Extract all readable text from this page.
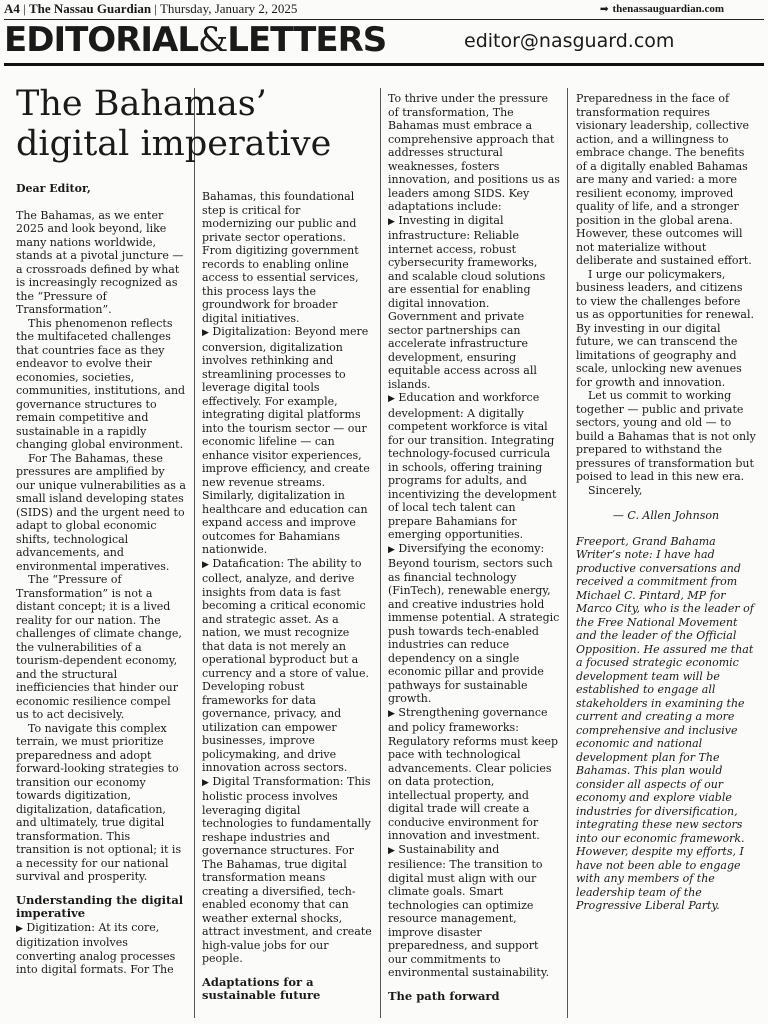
A4 | The Nassau Guardian | Thursday, January 2, 2025	➟ thenassauguardian.com
EDITORIAL&LETTERS	editor@nasguard.com
The Bahamas’ digital imperative

Dear Editor,

The Bahamas, as we enter 2025 and look beyond, like many nations worldwide, stands at a pivotal juncture — a crossroads defined by what is increasingly recognized as the “Pressure of Transformation”.

This phenomenon reflects the multifaceted challenges that countries face as they endeavor to evolve their economies, societies, communities, institutions, and governance structures to remain competitive and sustainable in a rapidly changing global environment.

For The Bahamas, these pressures are amplified by our unique vulnerabilities as a small island developing states (SIDS) and the urgent need to adapt to global economic shifts, technological advancements, and environmental imperatives.

The “Pressure of Transformation” is not a distant concept; it is a lived reality for our nation. The challenges of climate change, the vulnerabilities of a tourism-dependent economy, and the structural inefficiencies that hinder our economic resilience compel us to act decisively.

To navigate this complex terrain, we must prioritize preparedness and adopt forward-looking strategies to transition our economy towards digitization, digitalization, datafication, and ultimately, true digital transformation. This transition is not optional; it is a necessity for our national survival and prosperity.

Understanding the digital imperative

▶ Digitization: At its core, digitization involves converting analog processes into digital formats. For The

Bahamas, this foundational step is critical for modernizing our public and private sector operations. From digitizing government records to enabling online access to essential services, this process lays the groundwork for broader digital initiatives.

▶ Digitalization: Beyond mere conversion, digitalization involves rethinking and streamlining processes to leverage digital tools effectively. For example, integrating digital platforms into the tourism sector — our economic lifeline — can enhance visitor experiences, improve efficiency, and create new revenue streams. Similarly, digitalization in healthcare and education can expand access and improve outcomes for Bahamians nationwide.

▶ Datafication: The ability to collect, analyze, and derive insights from data is fast becoming a critical economic and strategic asset. As a nation, we must recognize that data is not merely an operational byproduct but a currency and a store of value. Developing robust frameworks for data governance, privacy, and utilization can empower businesses, improve policymaking, and drive innovation across sectors.

▶ Digital Transformation: This holistic process involves leveraging digital technologies to fundamentally reshape industries and governance structures. For The Bahamas, true digital transformation means creating a diversified, tech-enabled economy that can weather external shocks, attract investment, and create high-value jobs for our people.

Adaptations for a sustainable future

To thrive under the pressure of transformation, The Bahamas must embrace a comprehensive approach that addresses structural weaknesses, fosters innovation, and positions us as leaders among SIDS. Key adaptations include:

▶ Investing in digital infrastructure: Reliable internet access, robust cybersecurity frameworks, and scalable cloud solutions are essential for enabling digital innovation. Government and private sector partnerships can accelerate infrastructure development, ensuring equitable access across all islands.

▶ Education and workforce development: A digitally competent workforce is vital for our transition. Integrating technology-focused curricula in schools, offering training programs for adults, and incentivizing the development of local tech talent can prepare Bahamians for emerging opportunities.

▶ Diversifying the economy: Beyond tourism, sectors such as financial technology (FinTech), renewable energy, and creative industries hold immense potential. A strategic push towards tech-enabled industries can reduce dependency on a single economic pillar and provide pathways for sustainable growth.

▶ Strengthening governance and policy frameworks: Regulatory reforms must keep pace with technological advancements. Clear policies on data protection, intellectual property, and digital trade will create a conducive environment for innovation and investment.

▶ Sustainability and resilience: The transition to digital must align with our climate goals. Smart technologies can optimize resource management, improve disaster preparedness, and support our commitments to environmental sustainability.

The path forward

Preparedness in the face of transformation requires visionary leadership, collective action, and a willingness to embrace change. The benefits of a digitally enabled Bahamas are many and varied: a more resilient economy, improved quality of life, and a stronger position in the global arena. However, these outcomes will not materialize without deliberate and sustained effort.

I urge our policymakers, business leaders, and citizens to view the challenges before us as opportunities for renewal. By investing in our digital future, we can transcend the limitations of geography and scale, unlocking new avenues for growth and innovation.

Let us commit to working together — public and private sectors, young and old — to build a Bahamas that is not only prepared to withstand the pressures of transformation but poised to lead in this new era.

Sincerely,

— C. Allen Johnson

Freeport, Grand Bahama Writer’s note: I have had productive conversations and received a commitment from Michael C. Pintard, MP for Marco City, who is the leader of the Free National Movement and the leader of the Official Opposition. He assured me that a focused strategic economic development team will be established to engage all stakeholders in examining the current and creating a more comprehensive and inclusive economic and national development plan for The Bahamas. This plan would consider all aspects of our economy and explore viable industries for diversification, integrating these new sectors into our economic framework. However, despite my efforts, I have not been able to engage with any members of the leadership team of the Progressive Liberal Party.
